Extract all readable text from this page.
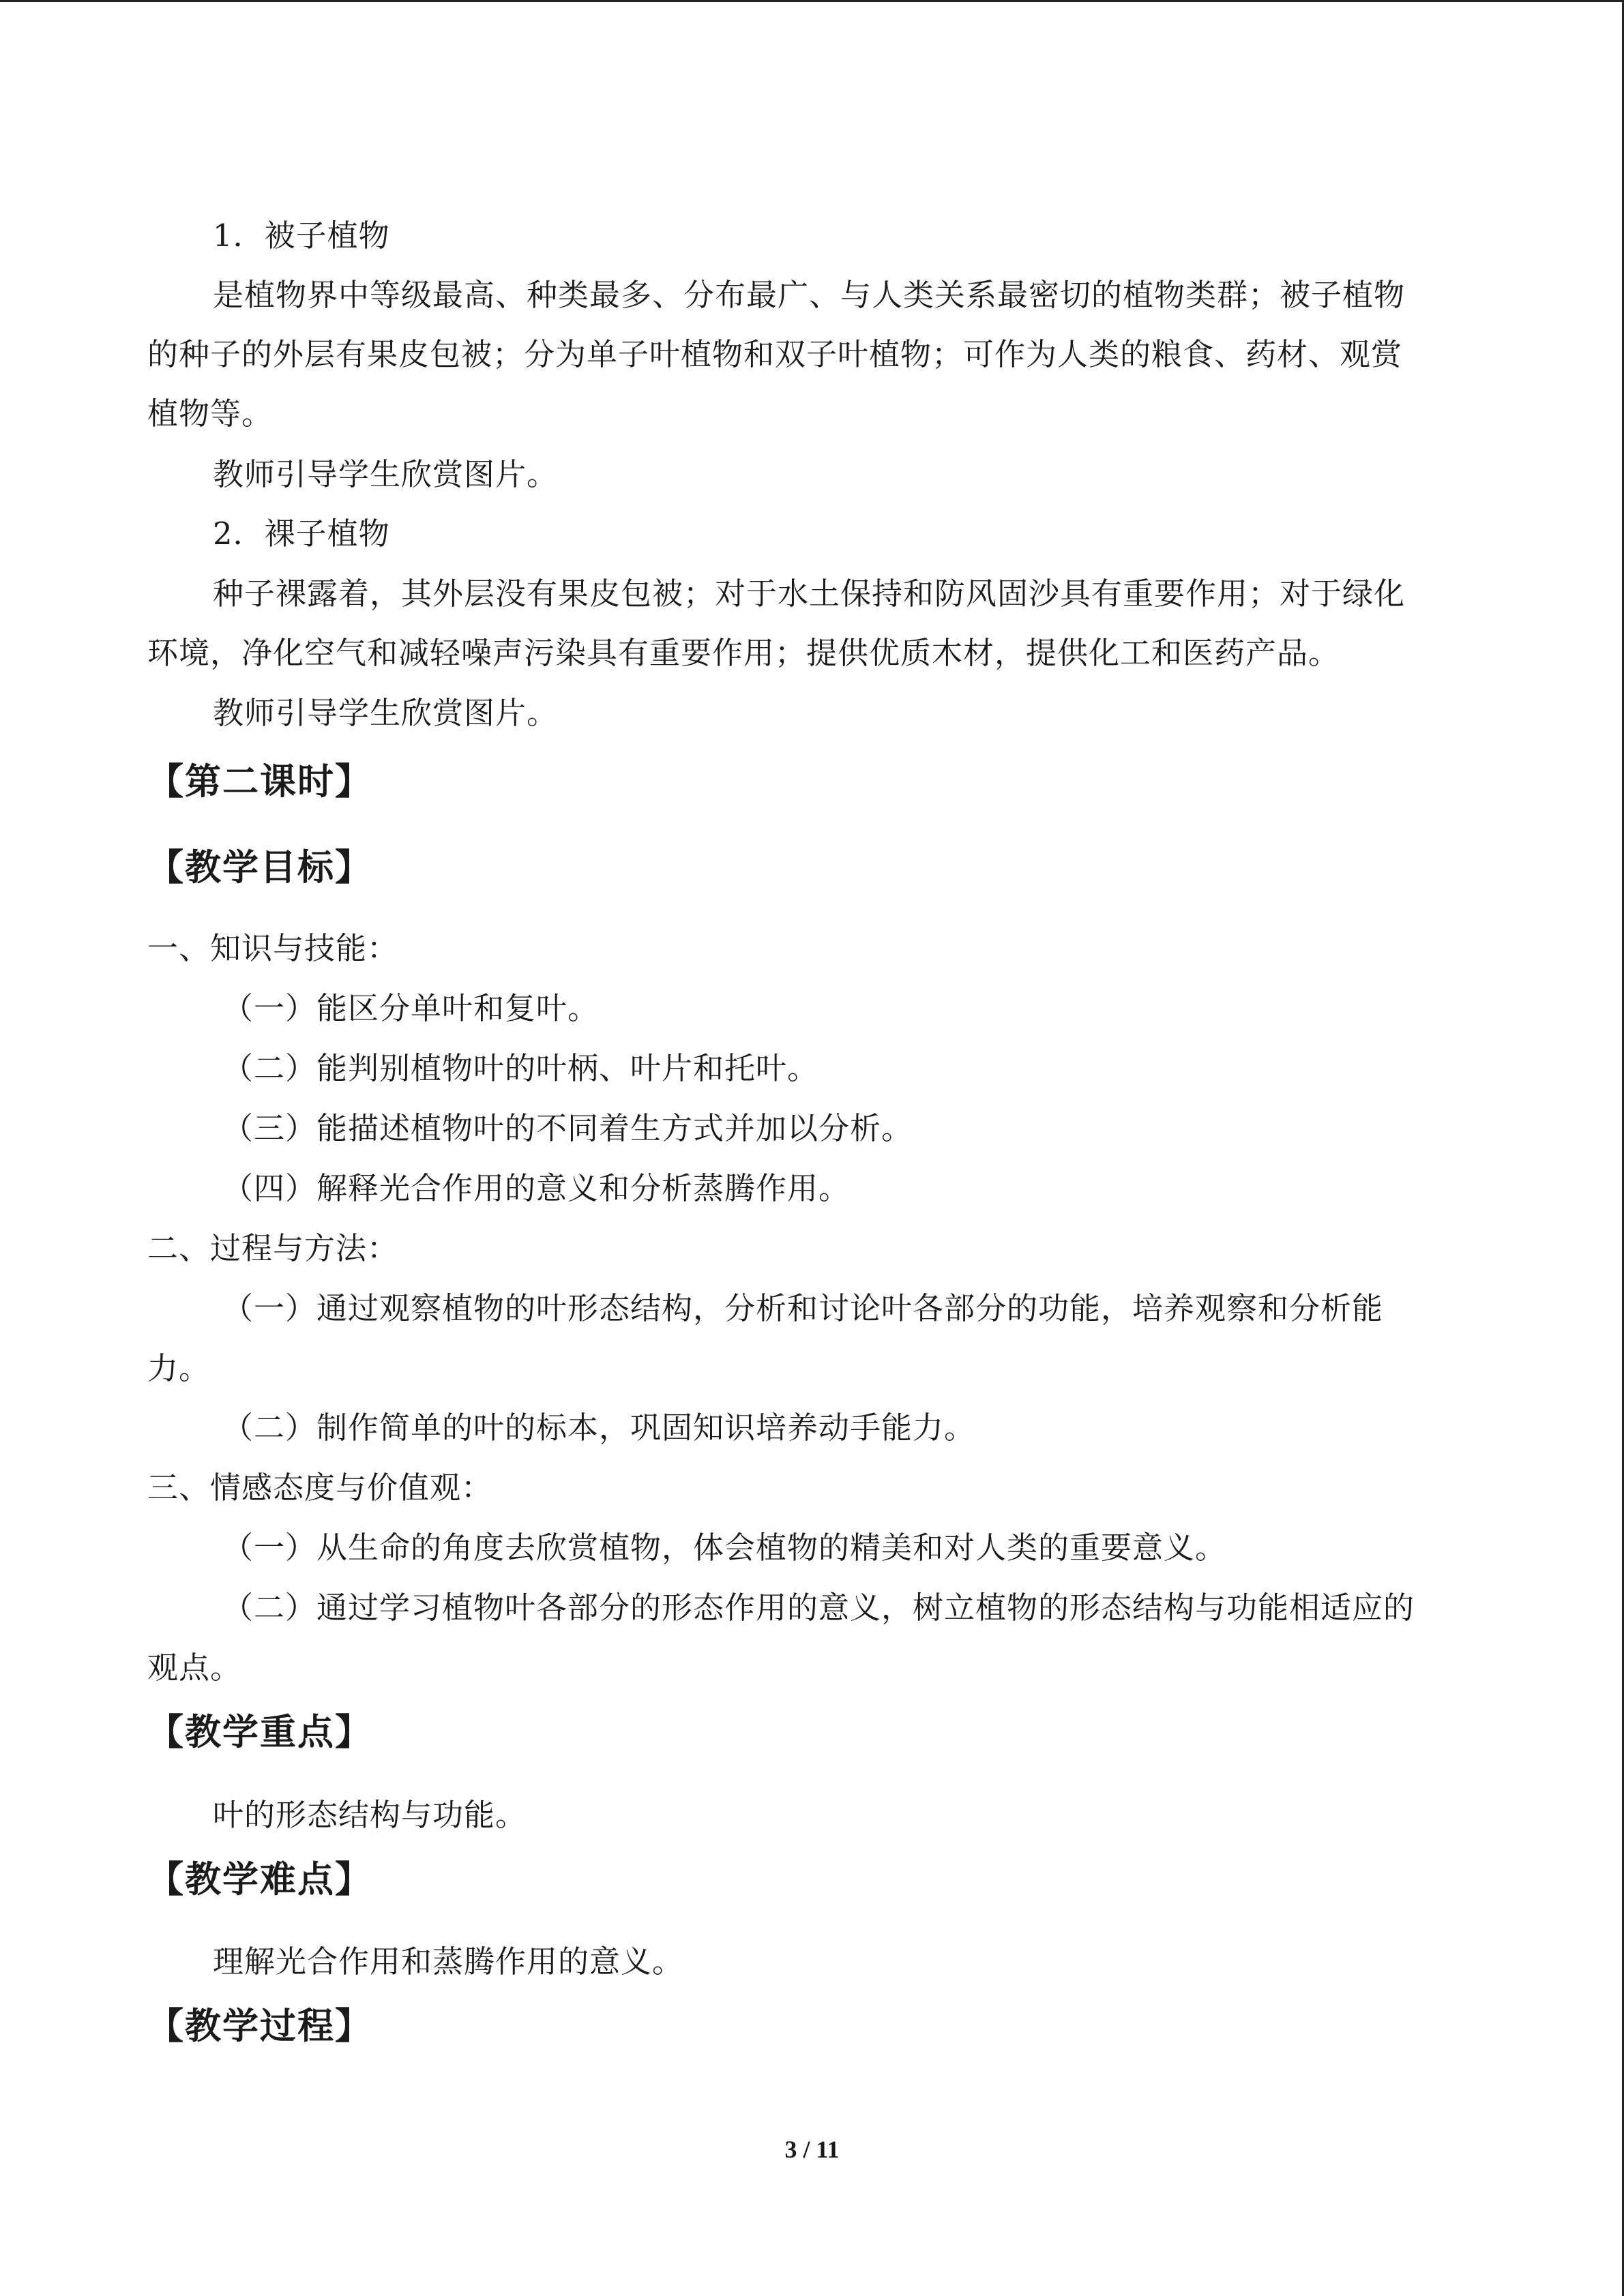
1．被子植物
是植物界中等级最高、种类最多、分布最广、与人类关系最密切的植物类群；被子植物
的种子的外层有果皮包被；分为单子叶植物和双子叶植物；可作为人类的粮食、药材、观赏
植物等。
教师引导学生欣赏图片。
2．裸子植物
种子裸露着，其外层没有果皮包被；对于水土保持和防风固沙具有重要作用；对于绿化
环境，净化空气和减轻噪声污染具有重要作用；提供优质木材，提供化工和医药产品。
教师引导学生欣赏图片。
【第二课时】
【教学目标】
一、知识与技能：
（一）能区分单叶和复叶。
（二）能判别植物叶的叶柄、叶片和托叶。
（三）能描述植物叶的不同着生方式并加以分析。
（四）解释光合作用的意义和分析蒸腾作用。
二、过程与方法：
（一）通过观察植物的叶形态结构，分析和讨论叶各部分的功能，培养观察和分析能
力。
（二）制作简单的叶的标本，巩固知识培养动手能力。
三、情感态度与价值观：
（一）从生命的角度去欣赏植物，体会植物的精美和对人类的重要意义。
（二）通过学习植物叶各部分的形态作用的意义，树立植物的形态结构与功能相适应的
观点。
【教学重点】
叶的形态结构与功能。
【教学难点】
理解光合作用和蒸腾作用的意义。
【教学过程】
3 / 11
